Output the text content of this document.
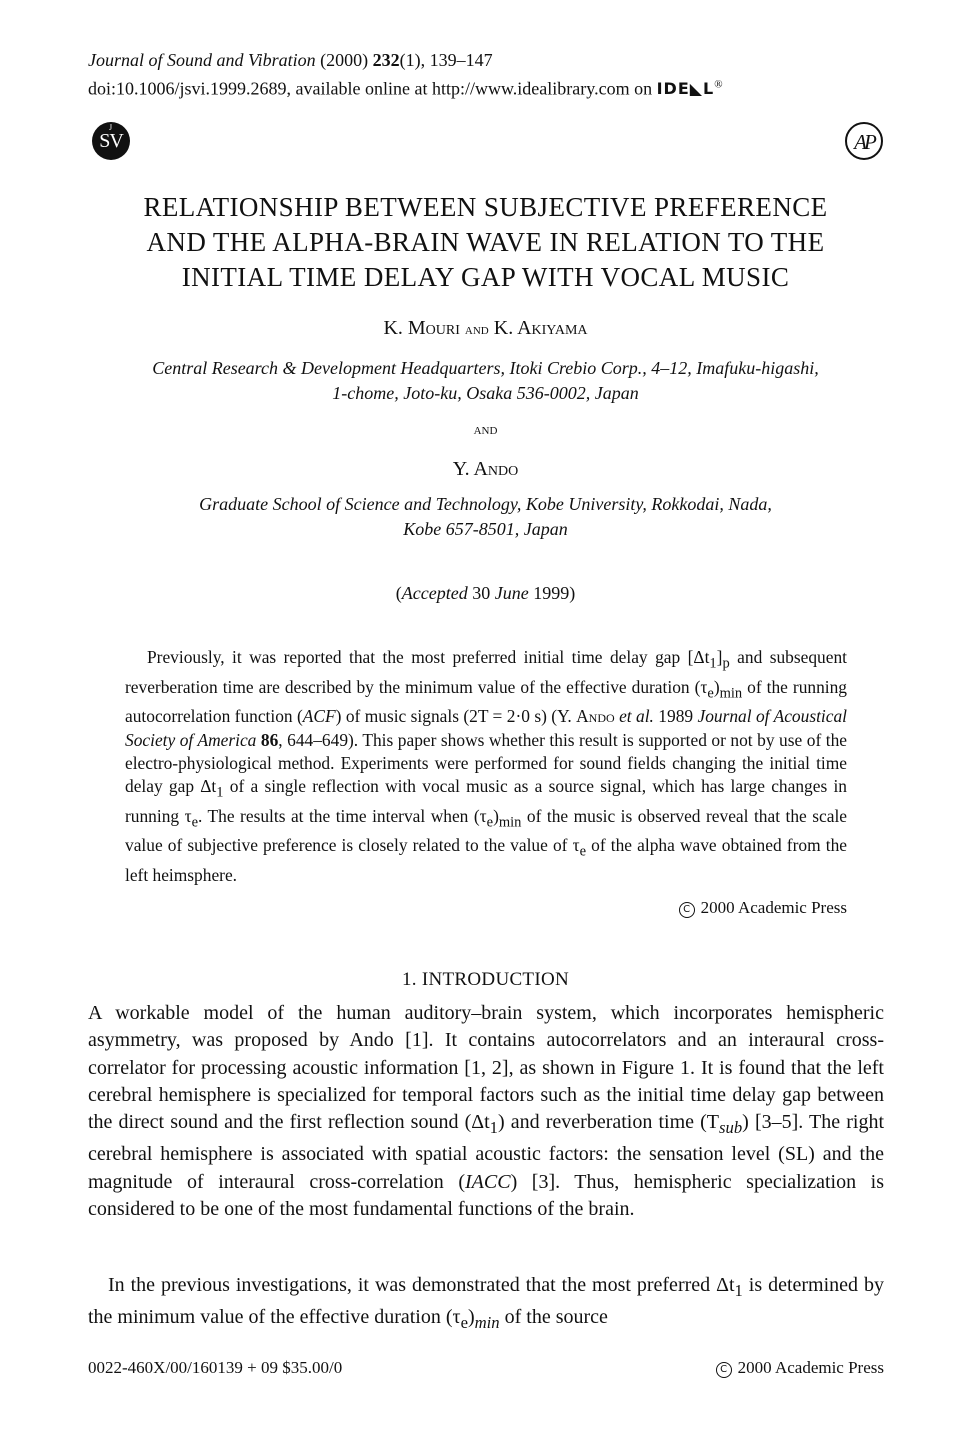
Journal of Sound and Vibration (2000) 232(1), 139–147
doi:10.1006/jsvi.1999.2689, available online at http://www.idealibrary.com on IDE◣L®
J
SV	AP
RELATIONSHIP BETWEEN SUBJECTIVE PREFERENCE
AND THE ALPHA-BRAIN WAVE IN RELATION TO THE
INITIAL TIME DELAY GAP WITH VOCAL MUSIC
K. Mouri and K. Akiyama
Central Research & Development Headquarters, Itoki Crebio Corp., 4–12, Imafuku-higashi,
1-chome, Joto-ku, Osaka 536-0002, Japan
and
Y. Ando
Graduate School of Science and Technology, Kobe University, Rokkodai, Nada,
Kobe 657-8501, Japan
(Accepted 30 June 1999)
Previously, it was reported that the most preferred initial time delay gap $[\Delta t_1]_p$ and subsequent reverberation time are described by the minimum value of the effective duration $(\tau_e)_{min}$ of the running autocorrelation function (ACF) of music signals (2T = 2·0 s) (Y. Ando et al. 1989 Journal of Acoustical Society of America 86, 644–649). This paper shows whether this result is supported or not by use of the electro-physiological method. Experiments were performed for sound fields changing the initial time delay gap $\Delta t_1$ of a single reflection with vocal music as a source signal, which has large changes in running $\tau_e$. The results at the time interval when $(\tau_e)_{min}$ of the music is observed reveal that the scale value of subjective preference is closely related to the value of $\tau_e$ of the alpha wave obtained from the left heimsphere.
C 2000 Academic Press
1. INTRODUCTION
A workable model of the human auditory–brain system, which incorporates hemispheric asymmetry, was proposed by Ando [1]. It contains autocorrelators and an interaural cross-correlator for processing acoustic information [1, 2], as shown in Figure 1. It is found that the left cerebral hemisphere is specialized for temporal factors such as the initial time delay gap between the direct sound and the first reflection sound $(\Delta t_1)$ and reverberation time $(T_{sub})$ [3–5]. The right cerebral hemisphere is associated with spatial acoustic factors: the sensation level (SL) and the magnitude of interaural cross-correlation (IACC) [3]. Thus, hemispheric specialization is considered to be one of the most fundamental functions of the brain.
In the previous investigations, it was demonstrated that the most preferred $\Delta t_1$ is determined by the minimum value of the effective duration $(\tau_e)_{min}$ of the source
0022-460X/00/160139 + 09 $35.00/0	C 2000 Academic Press
